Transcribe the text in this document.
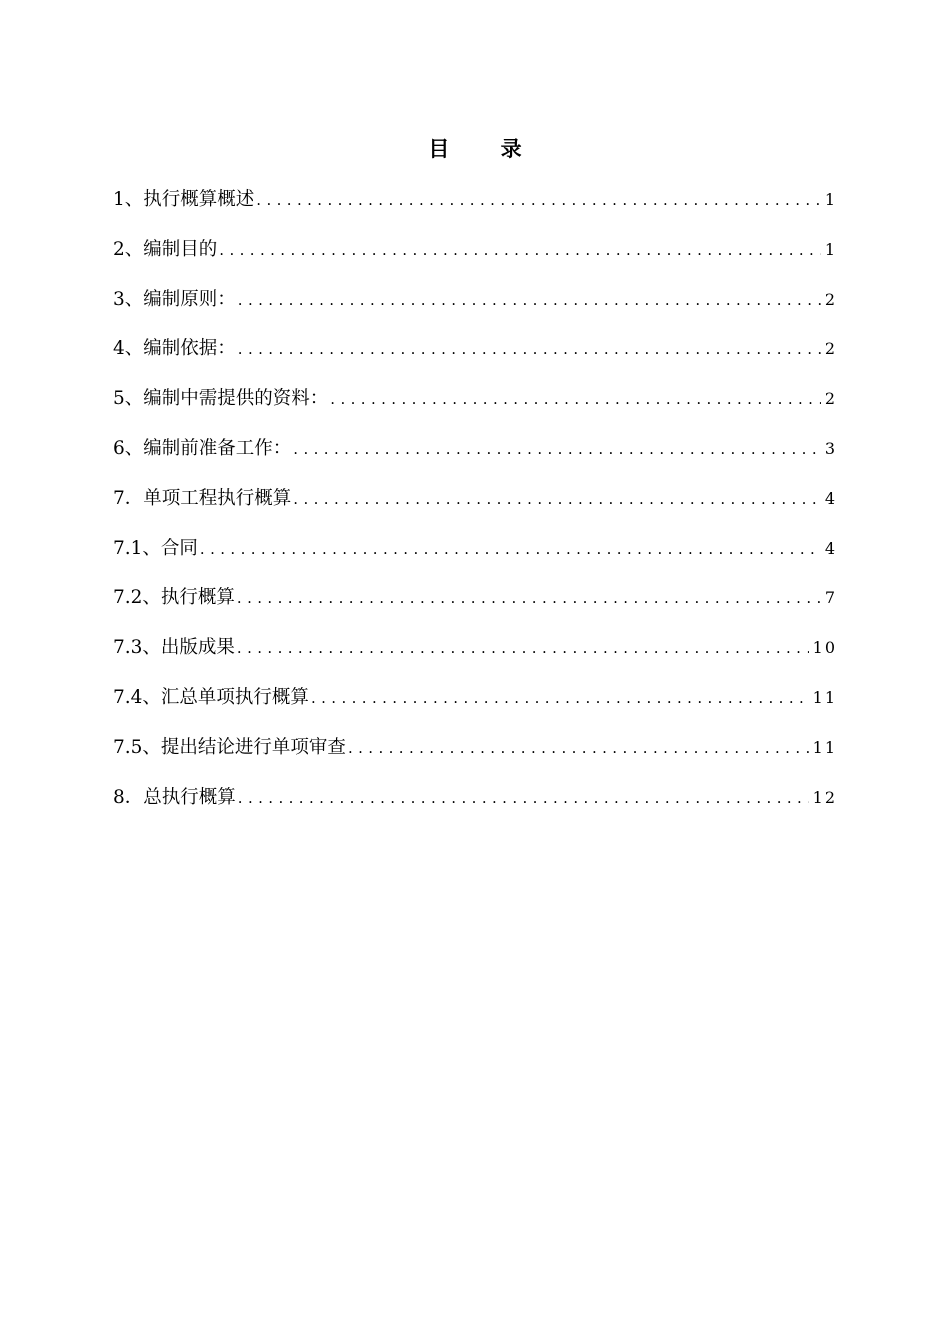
目 录
1、执行概算概述 .....	1
2、编制目的 .....	1
3、编制原则： .....	2
4、编制依据： .....	2
5、编制中需提供的资料： .....	2
6、编制前准备工作： .....	3
7．单项工程执行概算 .....	4
7.1、合同 .....	4
7.2、执行概算 .....	7
7.3、出版成果 .....	10
7.4、汇总单项执行概算 .....	11
7.5、提出结论进行单项审查 .....	11
8．总执行概算 .....	12
